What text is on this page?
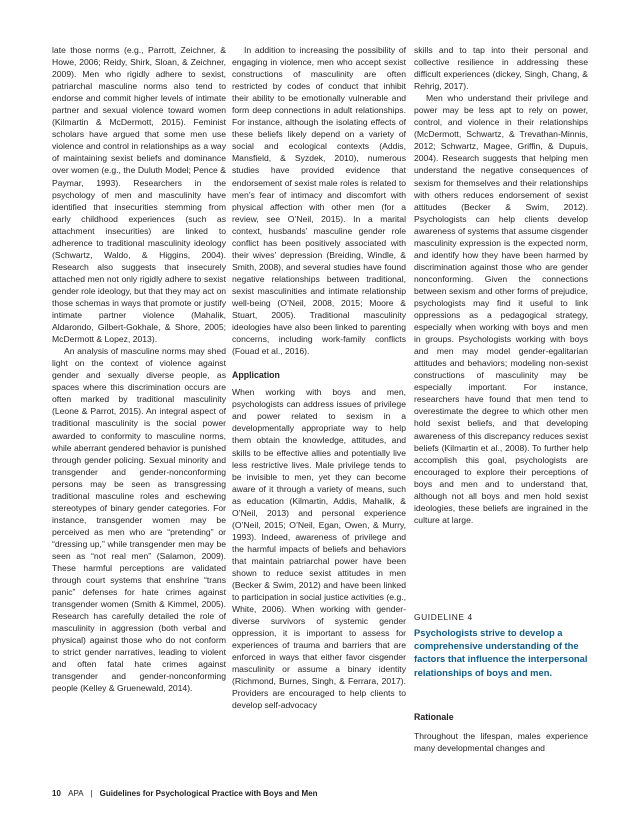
late those norms (e.g., Parrott, Zeichner, & Howe, 2006; Reidy, Shirk, Sloan, & Zeichner, 2009). Men who rigidly adhere to sexist, patriarchal masculine norms also tend to endorse and commit higher levels of intimate partner and sexual violence toward women (Kilmartin & McDermott, 2015). Feminist scholars have argued that some men use violence and control in relationships as a way of maintaining sexist beliefs and dominance over women (e.g., the Duluth Model; Pence & Paymar, 1993). Researchers in the psychology of men and masculinity have identified that insecurities stemming from early childhood experiences (such as attachment insecurities) are linked to adherence to traditional masculinity ideology (Schwartz, Waldo, & Higgins, 2004). Research also suggests that insecurely attached men not only rigidly adhere to sexist gender role ideology, but that they may act on those schemas in ways that promote or justify intimate partner violence (Mahalik, Aldarondo, Gilbert-Gokhale, & Shore, 2005; McDermott & Lopez, 2013).

An analysis of masculine norms may shed light on the context of violence against gender and sexually diverse people, as spaces where this discrimination occurs are often marked by traditional masculinity (Leone & Parrot, 2015). An integral aspect of traditional masculinity is the social power awarded to conformity to masculine norms, while aberrant gendered behavior is punished through gender policing. Sexual minority and transgender and gender-nonconforming persons may be seen as transgressing traditional masculine roles and eschewing stereotypes of binary gender categories. For instance, transgender women may be perceived as men who are “pretending” or “dressing up,” while transgender men may be seen as “not real men” (Salamon, 2009). These harmful perceptions are validated through court systems that enshrine “trans panic” defenses for hate crimes against transgender women (Smith & Kimmel, 2005). Research has carefully detailed the role of masculinity in aggression (both verbal and physical) against those who do not conform to strict gender narratives, leading to violent and often fatal hate crimes against transgender and gender-nonconforming people (Kelley & Gruenewald, 2014).

In addition to increasing the possibility of engaging in violence, men who accept sexist constructions of masculinity are often restricted by codes of conduct that inhibit their ability to be emotionally vulnerable and form deep connections in adult relationships. For instance, although the isolating effects of these beliefs likely depend on a variety of social and ecological contexts (Addis, Mansfield, & Syzdek, 2010), numerous studies have provided evidence that endorsement of sexist male roles is related to men’s fear of intimacy and discomfort with physical affection with other men (for a review, see O’Neil, 2015). In a marital context, husbands’ masculine gender role conflict has been positively associated with their wives’ depression (Breiding, Windle, & Smith, 2008), and several studies have found negative relationships between traditional, sexist masculinities and intimate relationship well-being (O’Neil, 2008, 2015; Moore & Stuart, 2005). Traditional masculinity ideologies have also been linked to parenting concerns, including work-family conflicts (Fouad et al., 2016).

Application

When working with boys and men, psychologists can address issues of privilege and power related to sexism in a developmentally appropriate way to help them obtain the knowledge, attitudes, and skills to be effective allies and potentially live less restrictive lives. Male privilege tends to be invisible to men, yet they can become aware of it through a variety of means, such as education (Kilmartin, Addis, Mahalik, & O’Neil, 2013) and personal experience (O’Neil, 2015; O’Neil, Egan, Owen, & Murry, 1993). Indeed, awareness of privilege and the harmful impacts of beliefs and behaviors that maintain patriarchal power have been shown to reduce sexist attitudes in men (Becker & Swim, 2012) and have been linked to participation in social justice activities (e.g., White, 2006). When working with gender-diverse survivors of systemic gender oppression, it is important to assess for experiences of trauma and barriers that are enforced in ways that either favor cisgender masculinity or assume a binary identity (Richmond, Burnes, Singh, & Ferrara, 2017). Providers are encouraged to help clients to develop self-advocacy

skills and to tap into their personal and collective resilience in addressing these difficult experiences (dickey, Singh, Chang, & Rehrig, 2017).

Men who understand their privilege and power may be less apt to rely on power, control, and violence in their relationships (McDermott, Schwartz, & Trevathan-Minnis, 2012; Schwartz, Magee, Griffin, & Dupuis, 2004). Research suggests that helping men understand the negative consequences of sexism for themselves and their relationships with others reduces endorsement of sexist attitudes (Becker & Swim, 2012). Psychologists can help clients develop awareness of systems that assume cisgender masculinity expression is the expected norm, and identify how they have been harmed by discrimination against those who are gender nonconforming. Given the connections between sexism and other forms of prejudice, psychologists may find it useful to link oppressions as a pedagogical strategy, especially when working with boys and men in groups. Psychologists working with boys and men may model gender-egalitarian attitudes and behaviors; modeling non-sexist constructions of masculinity may be especially important. For instance, researchers have found that men tend to overestimate the degree to which other men hold sexist beliefs, and that developing awareness of this discrepancy reduces sexist beliefs (Kilmartin et al., 2008). To further help accomplish this goal, psychologists are encouraged to explore their perceptions of boys and men and to understand that, although not all boys and men hold sexist ideologies, these beliefs are ingrained in the culture at large.

GUIDELINE 4
Psychologists strive to develop a comprehensive understanding of the factors that influence the interpersonal relationships of boys and men.
Rationale

Throughout the lifespan, males experience many developmental changes and

10 APA | Guidelines for Psychological Practice with Boys and Men
